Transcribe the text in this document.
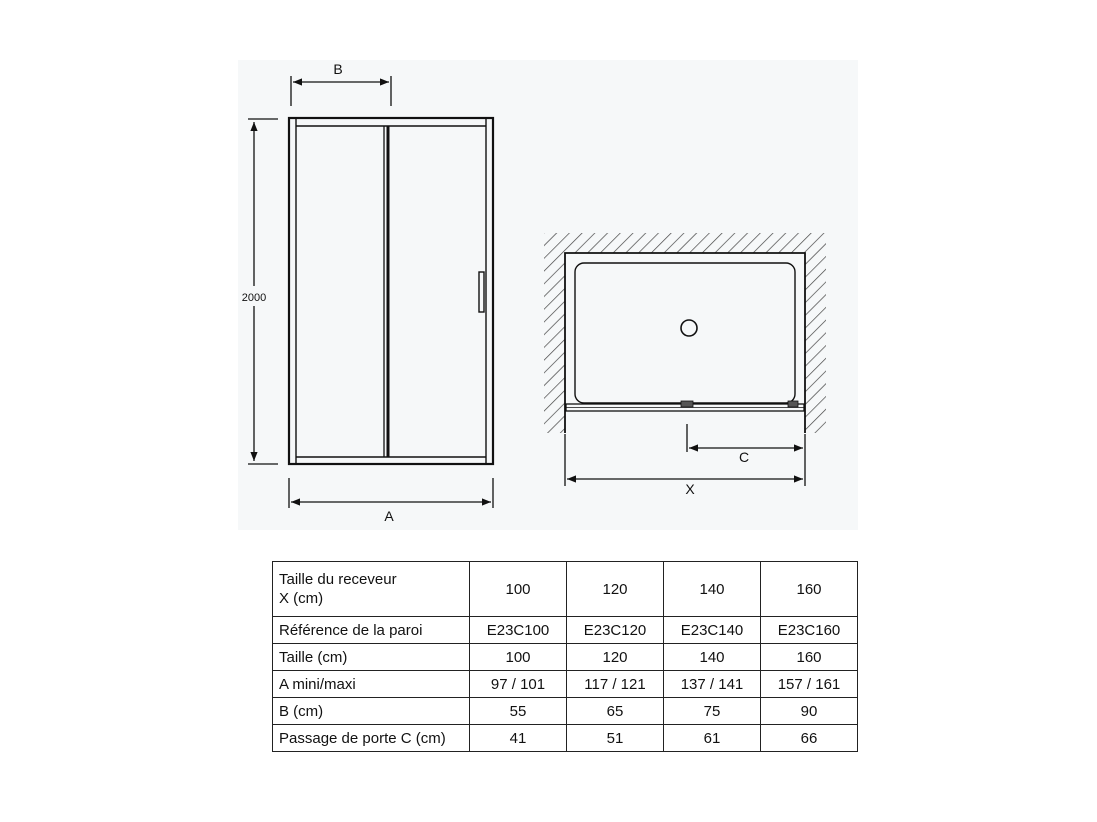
B
2000
A
C
X
Taille du receveur
X (cm)	100	120	140	160
Référence de la paroi	E23C100	E23C120	E23C140	E23C160
Taille (cm)	100	120	140	160
A mini/maxi	97 / 101	117 / 121	137 / 141	157 / 161
B (cm)	55	65	75	90
Passage de porte C (cm)	41	51	61	66
